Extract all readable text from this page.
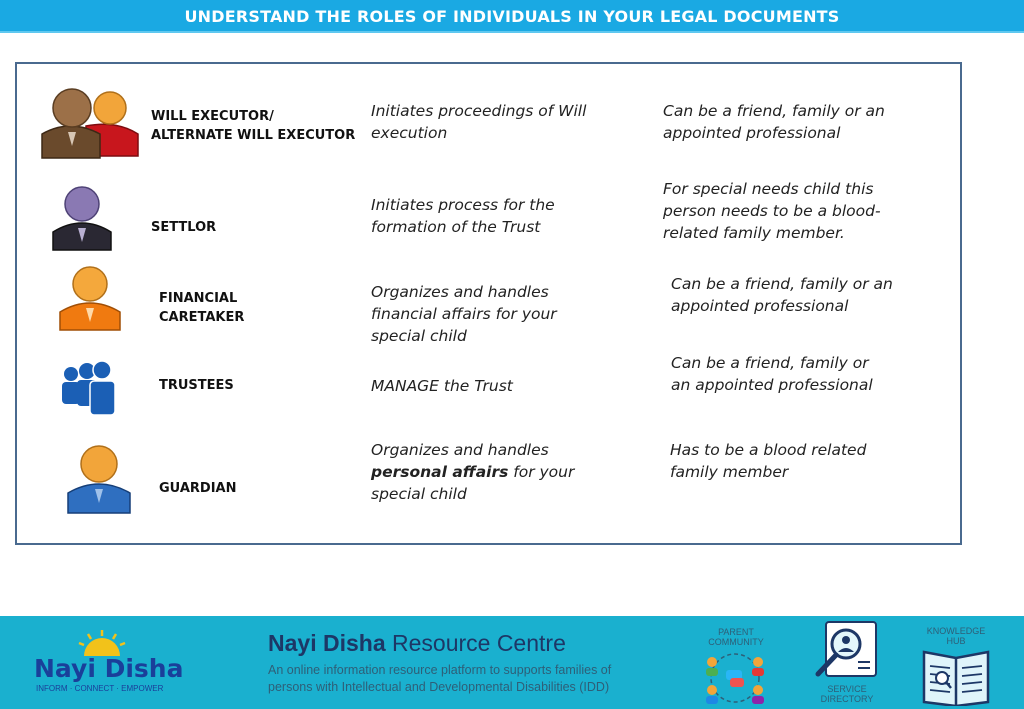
UNDERSTAND THE ROLES OF INDIVIDUALS IN YOUR LEGAL DOCUMENTS
WILL EXECUTOR/
ALTERNATE WILL EXECUTOR
Initiates proceedings of Will
execution
Can be a friend, family or an
appointed professional
SETTLOR
Initiates process for the
formation of the Trust
For special needs child this
person needs to be a blood-
related family member.
FINANCIAL
CARETAKER
Organizes and handles
financial affairs for your
special child
Can be a friend, family or an
appointed professional
TRUSTEES	MANAGE the Trust
Can be a friend, family or
an appointed professional
GUARDIAN
Organizes and handles
personal affairs for your
special child
Has to be a blood related
family member
Nayi Disha
INFORM · CONNECT · EMPOWER
Nayi Disha Resource Centre
An online information resource platform to supports families of persons with Intellectual and Developmental Disabilities (IDD)
PARENT COMMUNITY
SERVICE DIRECTORY
KNOWLEDGE HUB
